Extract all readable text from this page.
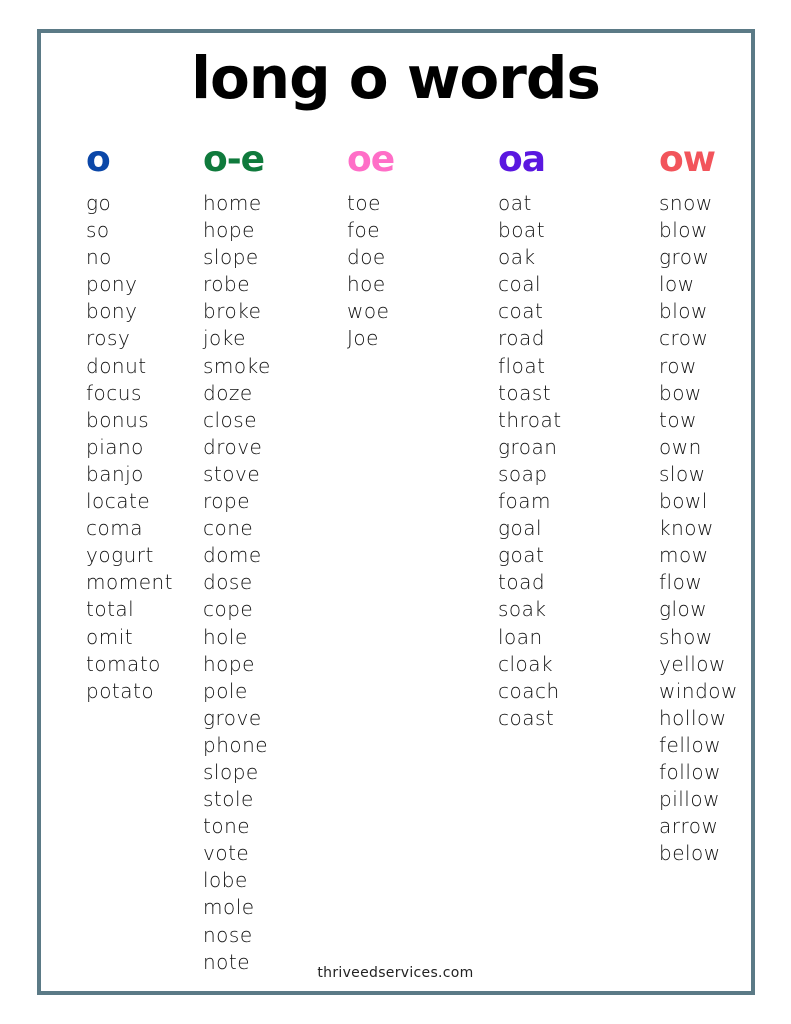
long o words
o
go
so
no
pony
bony
rosy
donut
focus
bonus
piano
banjo
locate
coma
yogurt
moment
total
omit
tomato
potato
o-e
home
hope
slope
robe
broke
joke
smoke
doze
close
drove
stove
rope
cone
dome
dose
cope
hole
hope
pole
grove
phone
slope
stole
tone
vote
lobe
mole
nose
note
oe
toe
foe
doe
hoe
woe
Joe
oa
oat
boat
oak
coal
coat
road
float
toast
throat
groan
soap
foam
goal
goat
toad
soak
loan
cloak
coach
coast
ow
snow
blow
grow
low
blow
crow
row
bow
tow
own
slow
bowl
know
mow
flow
glow
show
yellow
window
hollow
fellow
follow
pillow
arrow
below
thriveedservices.com
